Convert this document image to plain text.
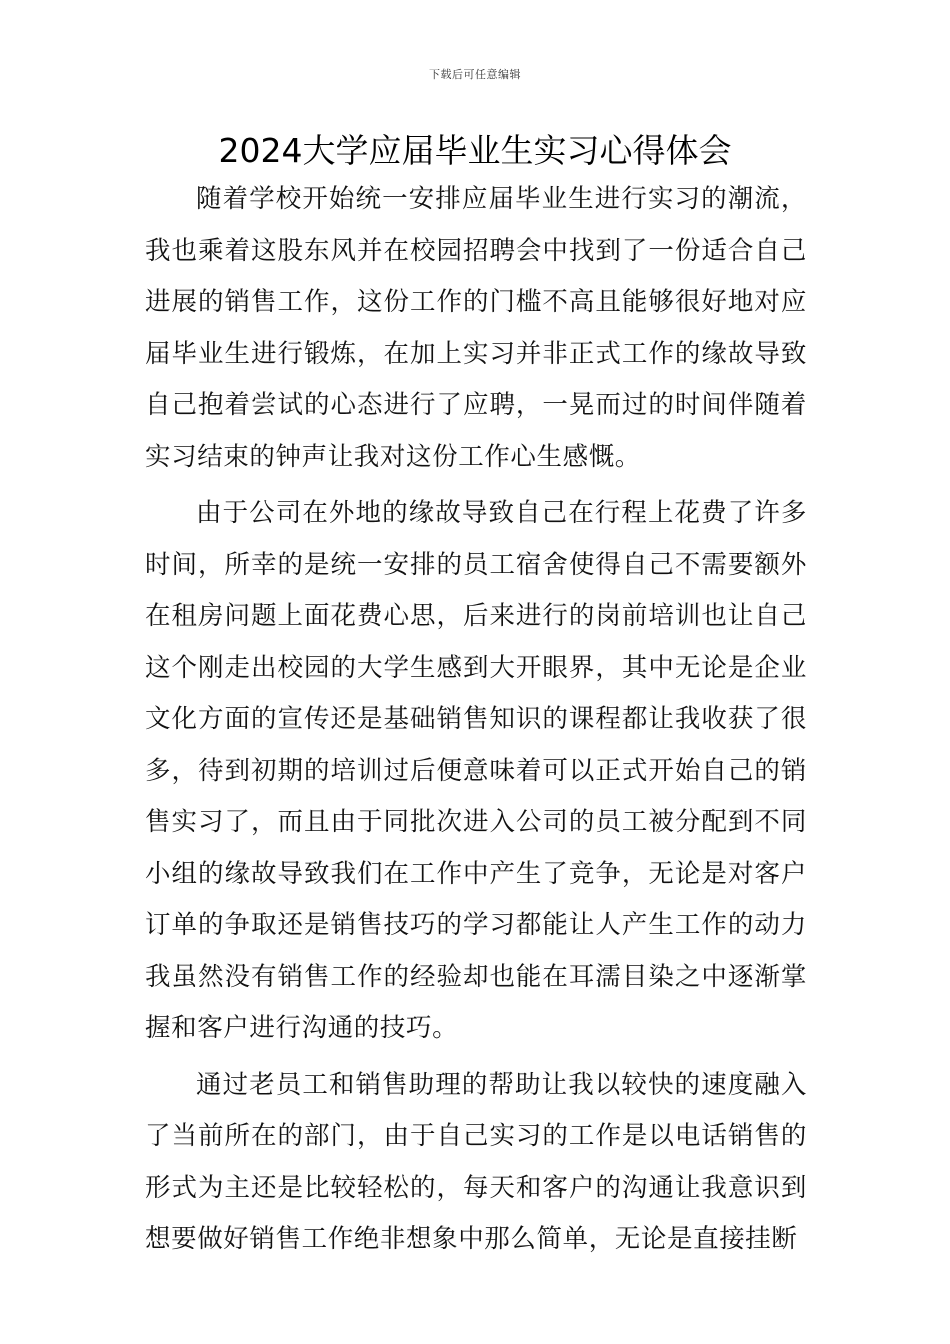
下载后可任意编辑
2024大学应届毕业生实习心得体会

随着学校开始统一安排应届毕业生进行实习的潮流，我也乘着这股东风并在校园招聘会中找到了一份适合自己进展的销售工作，这份工作的门槛不高且能够很好地对应届毕业生进行锻炼，在加上实习并非正式工作的缘故导致自己抱着尝试的心态进行了应聘，一晃而过的时间伴随着实习结束的钟声让我对这份工作心生感慨。

由于公司在外地的缘故导致自己在行程上花费了许多时间，所幸的是统一安排的员工宿舍使得自己不需要额外在租房问题上面花费心思，后来进行的岗前培训也让自己这个刚走出校园的大学生感到大开眼界，其中无论是企业文化方面的宣传还是基础销售知识的课程都让我收获了很多，待到初期的培训过后便意味着可以正式开始自己的销售实习了，而且由于同批次进入公司的员工被分配到不同小组的缘故导致我们在工作中产生了竞争，无论是对客户订单的争取还是销售技巧的学习都能让人产生工作的动力我虽然没有销售工作的经验却也能在耳濡目染之中逐渐掌握和客户进行沟通的技巧。

通过老员工和销售助理的帮助让我以较快的速度融入了当前所在的部门，由于自己实习的工作是以电话销售的形式为主还是比较轻松的，每天和客户的沟通让我意识到想要做好销售工作绝非想象中那么简单，无论是直接挂断
